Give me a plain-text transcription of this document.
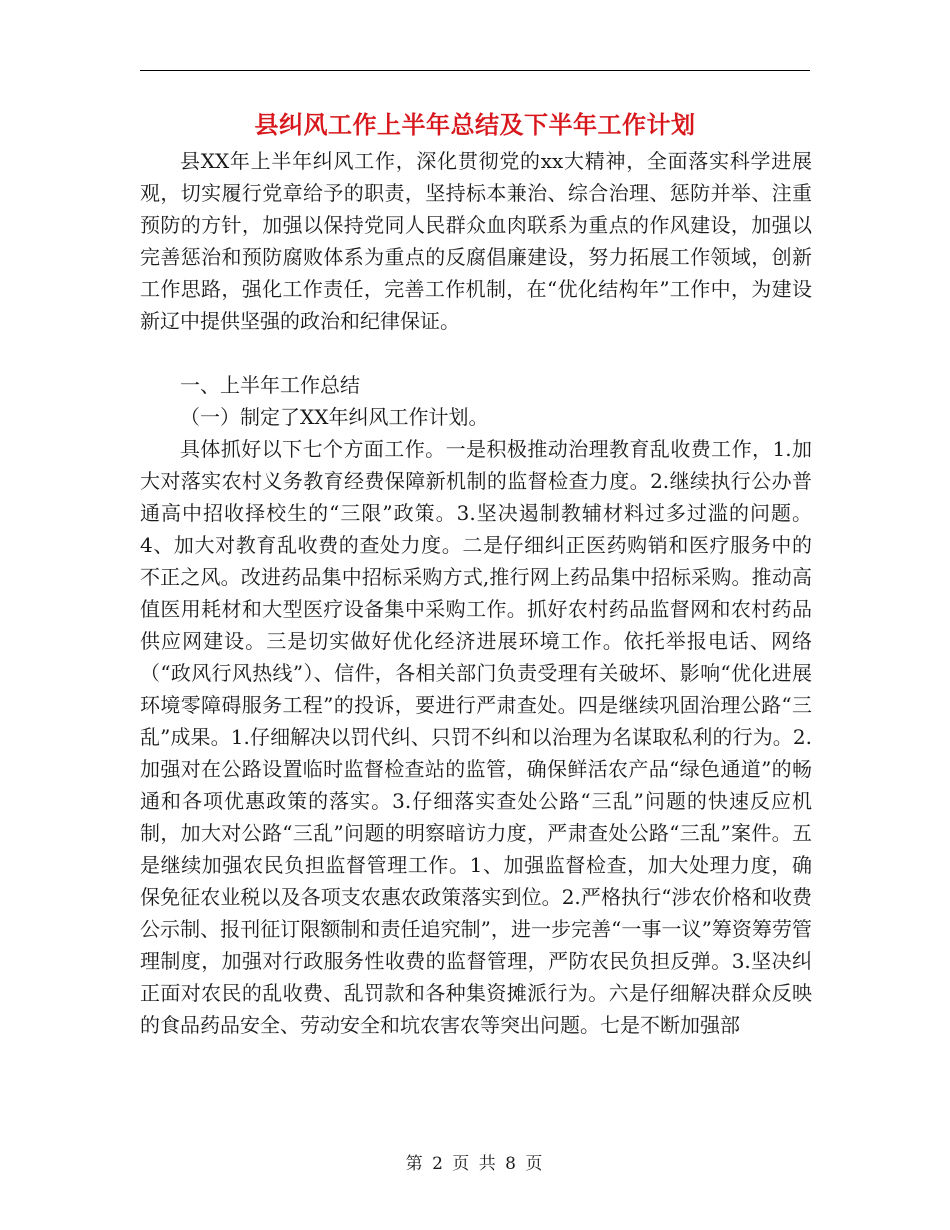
县纠风工作上半年总结及下半年工作计划

县XX年上半年纠风工作，深化贯彻党的xx大精神，全面落实科学进展观，切实履行党章给予的职责，坚持标本兼治、综合治理、惩防并举、注重预防的方针，加强以保持党同人民群众血肉联系为重点的作风建设，加强以完善惩治和预防腐败体系为重点的反腐倡廉建设，努力拓展工作领域，创新工作思路，强化工作责任，完善工作机制，在“优化结构年”工作中，为建设新辽中提供坚强的政治和纪律保证。

一、上半年工作总结

（一）制定了XX年纠风工作计划。

具体抓好以下七个方面工作。一是积极推动治理教育乱收费工作，1.加大对落实农村义务教育经费保障新机制的监督检查力度。2.继续执行公办普通高中招收择校生的“三限”政策。3.坚决遏制教辅材料过多过滥的问题。4、加大对教育乱收费的查处力度。二是仔细纠正医药购销和医疗服务中的不正之风。改进药品集中招标采购方式,推行网上药品集中招标采购。推动高值医用耗材和大型医疗设备集中采购工作。抓好农村药品监督网和农村药品供应网建设。三是切实做好优化经济进展环境工作。依托举报电话、网络（“政风行风热线”）、信件，各相关部门负责受理有关破坏、影响“优化进展环境零障碍服务工程”的投诉，要进行严肃查处。四是继续巩固治理公路“三乱”成果。1.仔细解决以罚代纠、只罚不纠和以治理为名谋取私利的行为。2.加强对在公路设置临时监督检查站的监管，确保鲜活农产品“绿色通道”的畅通和各项优惠政策的落实。3.仔细落实查处公路“三乱”问题的快速反应机制，加大对公路“三乱”问题的明察暗访力度，严肃查处公路“三乱”案件。五是继续加强农民负担监督管理工作。1、加强监督检查，加大处理力度，确保免征农业税以及各项支农惠农政策落实到位。2.严格执行“涉农价格和收费公示制、报刊征订限额制和责任追究制”，进一步完善“一事一议”筹资筹劳管理制度，加强对行政服务性收费的监督管理，严防农民负担反弹。3.坚决纠正面对农民的乱收费、乱罚款和各种集资摊派行为。六是仔细解决群众反映的食品药品安全、劳动安全和坑农害农等突出问题。七是不断加强部

第 2 页 共 8 页
